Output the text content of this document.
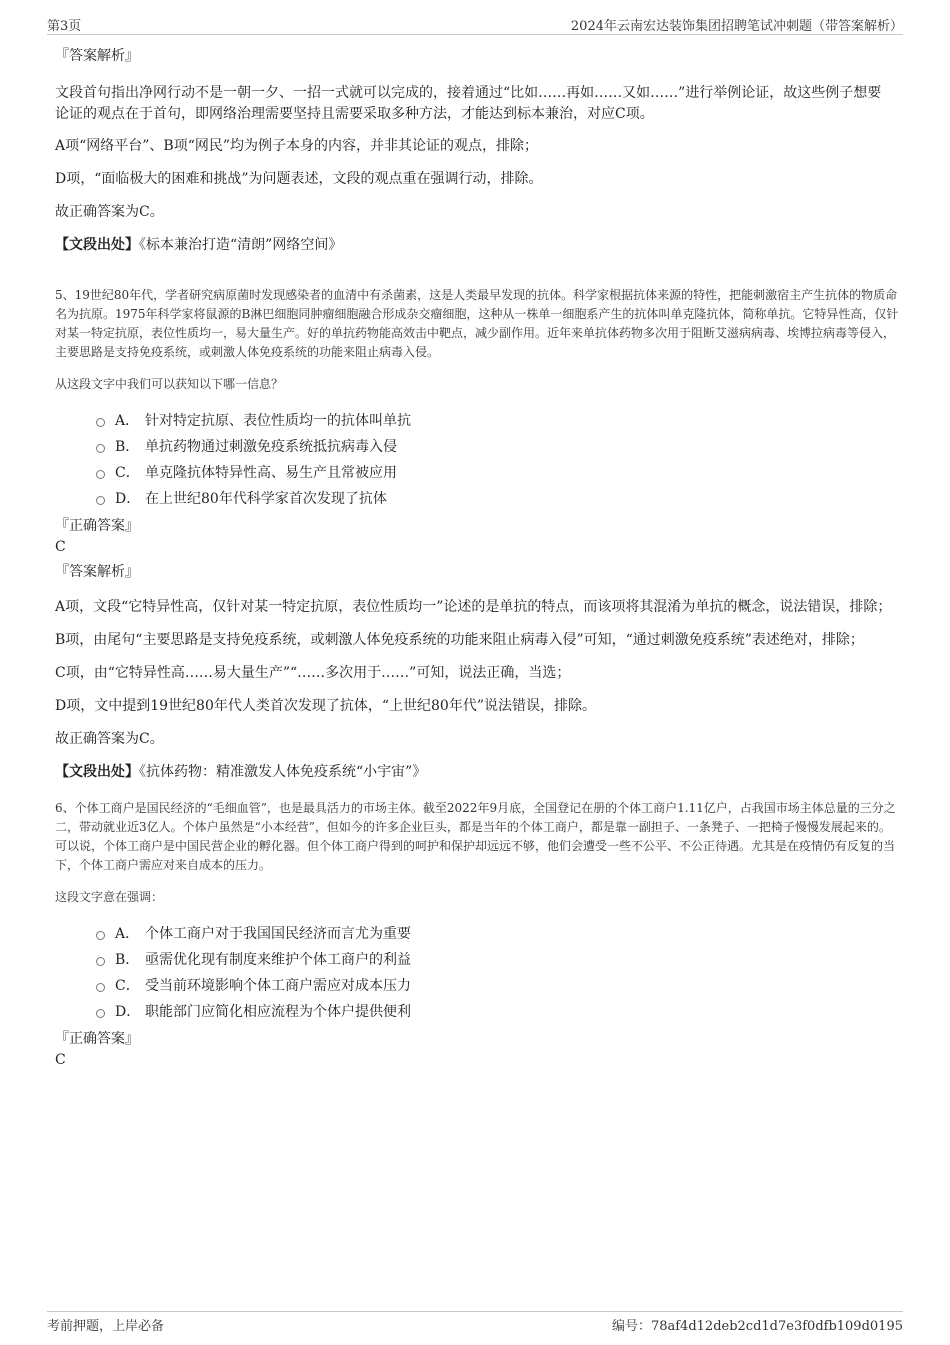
第3页	2024年云南宏达装饰集团招聘笔试冲刺题（带答案解析）

『答案解析』

文段首句指出净网行动不是一朝一夕、一招一式就可以完成的，接着通过“比如……再如……又如……”进行举例论证，故这些例子想要论证的观点在于首句，即网络治理需要坚持且需要采取多种方法，才能达到标本兼治，对应C项。

A项“网络平台”、B项“网民”均为例子本身的内容，并非其论证的观点，排除；

D项，“面临极大的困难和挑战”为问题表述，文段的观点重在强调行动，排除。

故正确答案为C。

【文段出处】《标本兼治打造“清朗”网络空间》

5、19世纪80年代，学者研究病原菌时发现感染者的血清中有杀菌素，这是人类最早发现的抗体。科学家根据抗体来源的特性，把能刺激宿主产生抗体的物质命名为抗原。1975年科学家将鼠源的B淋巴细胞同肿瘤细胞融合形成杂交瘤细胞，这种从一株单一细胞系产生的抗体叫单克隆抗体，简称单抗。它特异性高，仅针对某一特定抗原，表位性质均一，易大量生产。好的单抗药物能高效击中靶点，减少副作用。近年来单抗体药物多次用于阻断艾滋病病毒、埃博拉病毒等侵入，主要思路是支持免疫系统，或刺激人体免疫系统的功能来阻止病毒入侵。

从这段文字中我们可以获知以下哪一信息？

A． 针对特定抗原、表位性质均一的抗体叫单抗
B． 单抗药物通过刺激免疫系统抵抗病毒入侵
C． 单克隆抗体特异性高、易生产且常被应用
D． 在上世纪80年代科学家首次发现了抗体

『正确答案』

C

『答案解析』

A项，文段“它特异性高，仅针对某一特定抗原，表位性质均一”论述的是单抗的特点，而该项将其混淆为单抗的概念，说法错误，排除；

B项，由尾句“主要思路是支持免疫系统，或刺激人体免疫系统的功能来阻止病毒入侵”可知，“通过刺激免疫系统”表述绝对，排除；

C项，由“它特异性高……易大量生产”“……多次用于……”可知，说法正确，当选；

D项，文中提到19世纪80年代人类首次发现了抗体，“上世纪80年代”说法错误，排除。

故正确答案为C。

【文段出处】《抗体药物：精准激发人体免疫系统“小宇宙”》

6、个体工商户是国民经济的“毛细血管”，也是最具活力的市场主体。截至2022年9月底，全国登记在册的个体工商户1.11亿户，占我国市场主体总量的三分之二，带动就业近3亿人。个体户虽然是“小本经营”，但如今的许多企业巨头，都是当年的个体工商户，都是靠一副担子、一条凳子、一把椅子慢慢发展起来的。可以说，个体工商户是中国民营企业的孵化器。但个体工商户得到的呵护和保护却远远不够，他们会遭受一些不公平、不公正待遇。尤其是在疫情仍有反复的当下，个体工商户需应对来自成本的压力。

这段文字意在强调：

A． 个体工商户对于我国国民经济而言尤为重要
B． 亟需优化现有制度来维护个体工商户的利益
C． 受当前环境影响个体工商户需应对成本压力
D． 职能部门应简化相应流程为个体户提供便利

『正确答案』

C

考前押题，上岸必备	编号：78af4d12deb2cd1d7e3f0dfb109d0195
